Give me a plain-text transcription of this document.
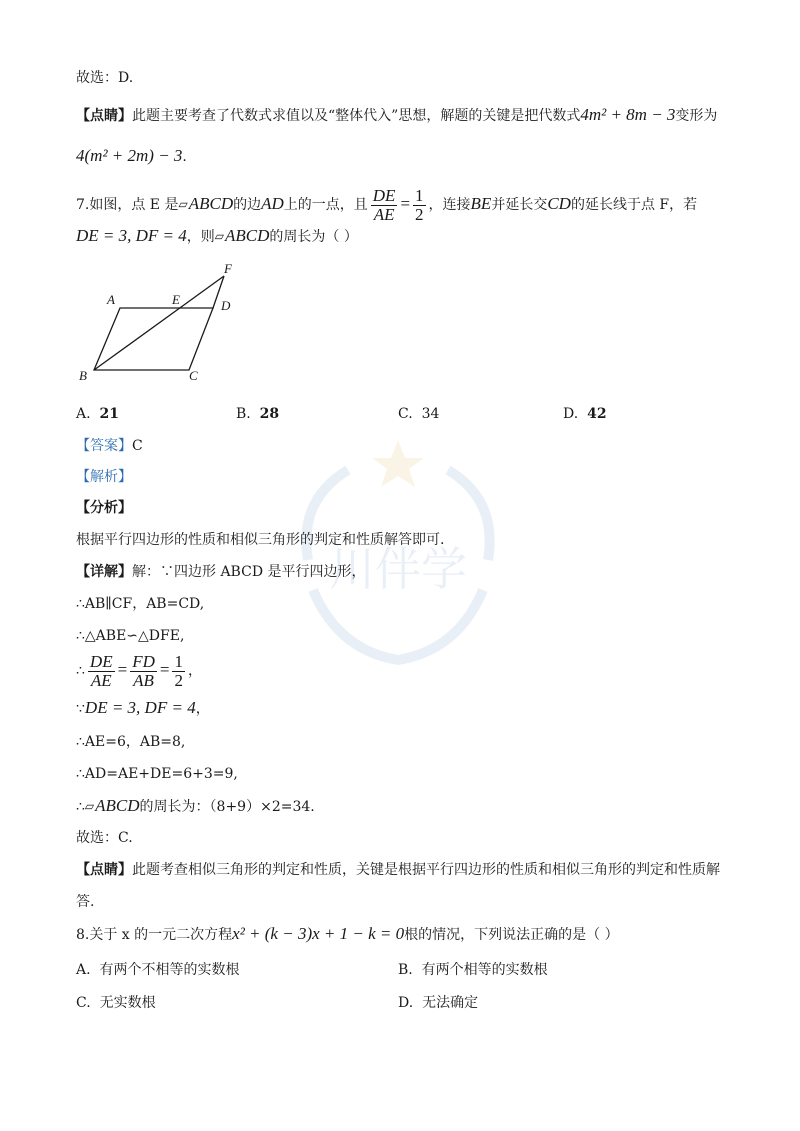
川伴学
故选：D.
【点睛】此题主要考查了代数式求值以及“整体代入”思想，解题的关键是把代数式4m² + 8m − 3变形为
4(m² + 2m) − 3.
7.如图，点 E 是▱ABCD的边AD上的一点，且 $\frac{DE}{AE} = \frac{1}{2}$ ，连接BE并延长交CD的延长线于点 F，若
DE = 3, DF = 4，则▱ABCD的周长为（ ）
A	E	D
F
B	C
A. 21	B. 28	C. 34	D. 42
【答案】C
【解析】
【分析】
根据平行四边形的性质和相似三角形的判定和性质解答即可.
【详解】解：∵四边形 ABCD 是平行四边形，
∴AB∥CF，AB=CD,
∴△ABE∽△DFE,
∴ $\frac{DE}{AE} = \frac{FD}{AB} = \frac{1}{2}$ ，
∵DE = 3, DF = 4，
∴AE=6，AB=8,
∴AD=AE+DE=6+3=9,
∴▱ABCD的周长为：（8+9）×2=34.
故选：C.
【点睛】此题考查相似三角形的判定和性质，关键是根据平行四边形的性质和相似三角形的判定和性质解
答.
8.关于 x 的一元二次方程x² + (k − 3)x + 1 − k = 0根的情况，下列说法正确的是（ ）
A. 有两个不相等的实数根	B. 有两个相等的实数根
C. 无实数根	D. 无法确定
